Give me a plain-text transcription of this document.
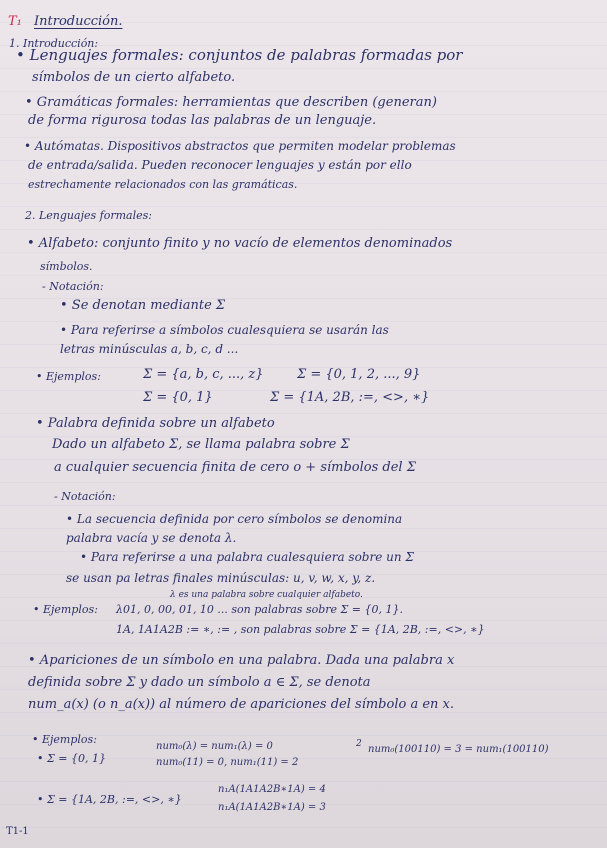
T₁ Introducción.
1. Introducción:
• Lenguajes formales: conjuntos de palabras formadas por
símbolos de un cierto alfabeto.
• Gramáticas formales: herramientas que describen (generan)
de forma rigurosa todas las palabras de un lenguaje.
• Autómatas. Dispositivos abstractos que permiten modelar problemas
de entrada/salida. Pueden reconocer lenguajes y están por ello
estrechamente relacionados con las gramáticas.
2. Lenguajes formales:
• Alfabeto: conjunto finito y no vacío de elementos denominados
símbolos.
- Notación:
• Se denotan mediante Σ
• Para referirse a símbolos cualesquiera se usarán las
letras minúsculas a, b, c, d ...
• Ejemplos:	Σ = {a, b, c, ..., z}	Σ = {0, 1, 2, ..., 9}
Σ = {0, 1}	Σ = {1A, 2B, :=, <>, ∗}
• Palabra definida sobre un alfabeto
Dado un alfabeto Σ, se llama palabra sobre Σ
a cualquier secuencia finita de cero o + símbolos del Σ
- Notación:
• La secuencia definida por cero símbolos se denomina
palabra vacía y se denota λ.
• Para referirse a una palabra cualesquiera sobre un Σ
se usan pa letras finales minúsculas: u, v, w, x, y, z.
λ es una palabra sobre cualquier alfabeto.
• Ejemplos: λ01, 0, 00, 01, 10 ... son palabras sobre Σ = {0, 1}.
1A, 1A1A2B := ∗, := , son palabras sobre Σ = {1A, 2B, :=, <>, ∗}
• Apariciones de un símbolo en una palabra. Dada una palabra x
definida sobre Σ y dado un símbolo a ∈ Σ, se denota
num_a(x) (o n_a(x)) al número de apariciones del símbolo a en x.
• Ejemplos:
• Σ = {0, 1}
num₀(λ) = num₁(λ) = 0
num₀(11) = 0, num₁(11) = 2
2 num₀(100110) = 3 = num₁(100110)
• Σ = {1A, 2B, :=, <>, ∗}
n₁A(1A1A2B∗1A) = 4
n₁A(1A1A2B∗1A) = 3
T1-1
